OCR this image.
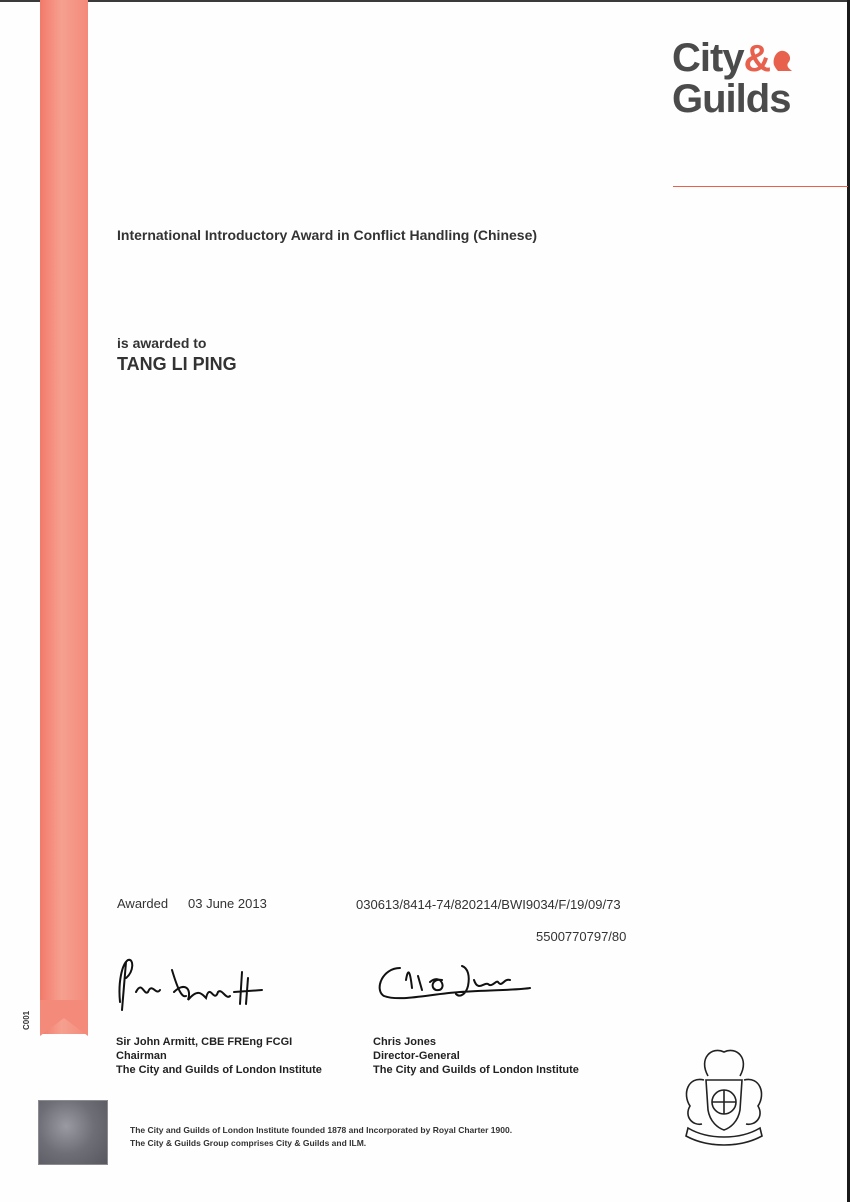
C001
City&
Guilds
International Introductory Award in Conflict Handling (Chinese)
is awarded to
TANG LI PING
Awarded 03 June 2013	030613/8414-74/820214/BWI9034/F/19/09/73
5500770797/80
Sir John Armitt, CBE FREng FCGI
Chairman
The City and Guilds of London Institute
Chris Jones
Director-General
The City and Guilds of London Institute
The City and Guilds of London Institute founded 1878 and Incorporated by Royal Charter 1900.
The City & Guilds Group comprises City & Guilds and ILM.
